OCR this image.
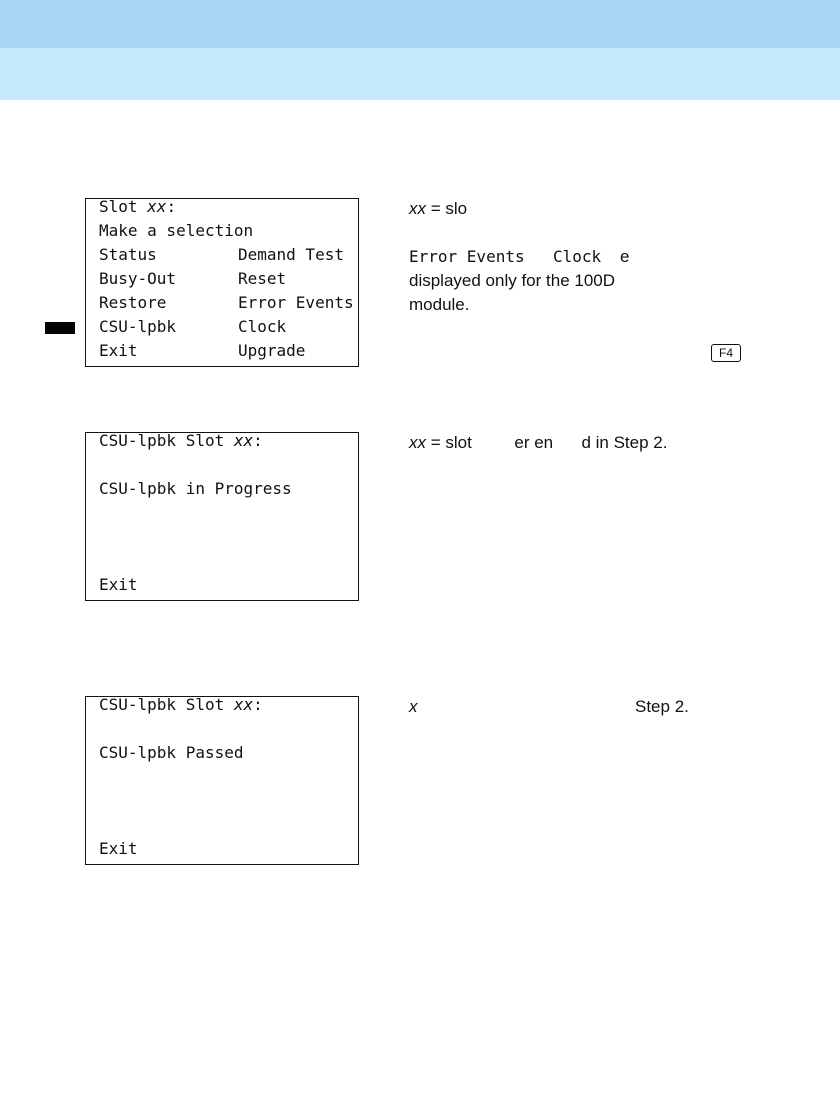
Slot xx:
Make a selection
Status	Demand Test
Busy-Out	Reset
Restore	Error Events
CSU-lpbk	Clock
Exit	Upgrade
xx = slo
Error Events Clock e
displayed only for the 100D
module.
F4
CSU-lpbk Slot xx:
CSU-lpbk in Progress
Exit
xx = slot	er en d in Step 2.
CSU-lpbk Slot xx:
CSU-lpbk Passed
Exit
x	Step 2.
